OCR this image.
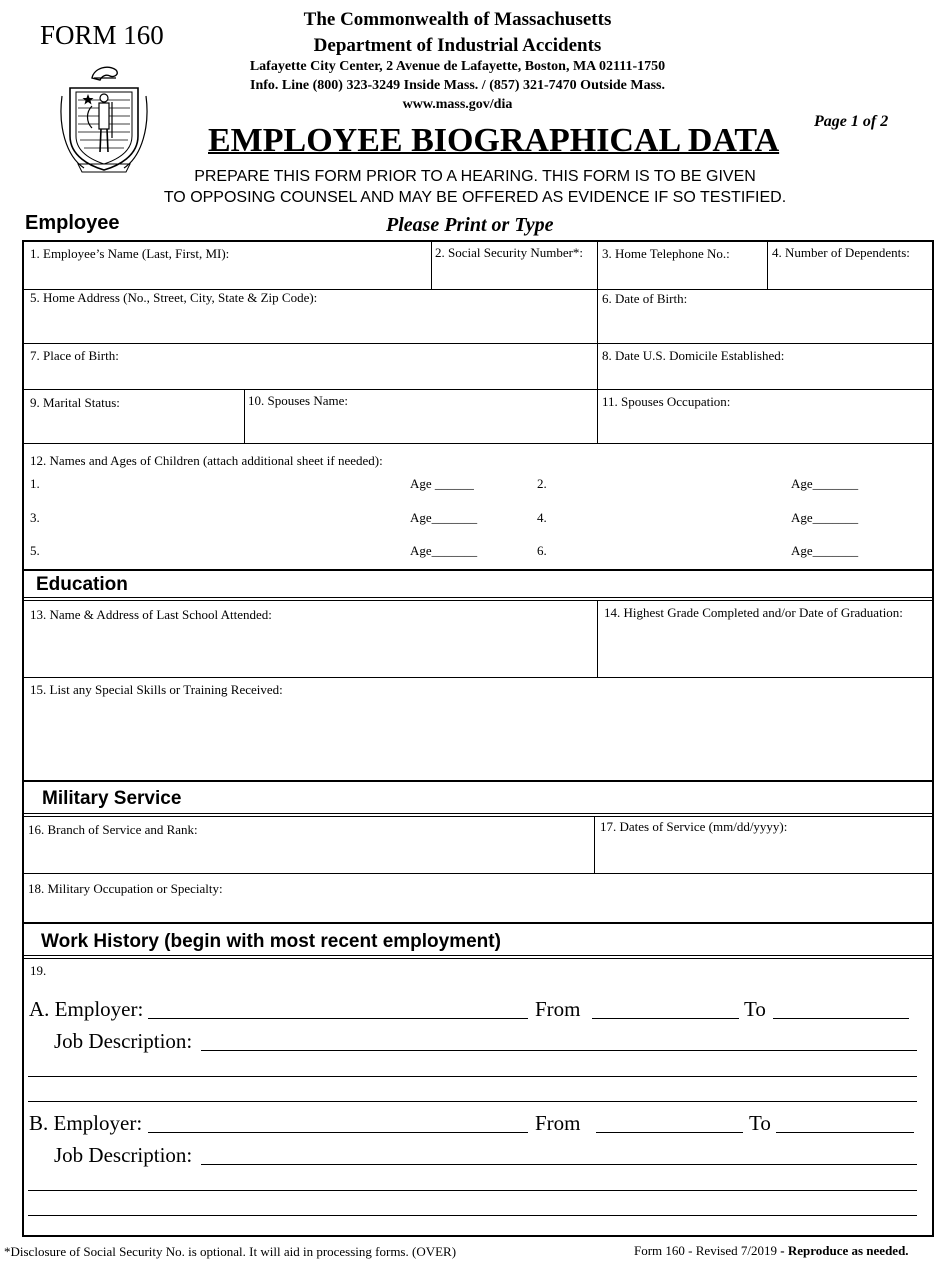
FORM 160
The Commonwealth of Massachusetts
Department of Industrial Accidents
Lafayette City Center, 2 Avenue de Lafayette, Boston, MA 02111-1750
Info. Line (800) 323-3249 Inside Mass. / (857) 321-7470 Outside Mass.
www.mass.gov/dia
Page 1 of 2
EMPLOYEE BIOGRAPHICAL DATA
PREPARE THIS FORM PRIOR TO A HEARING. THIS FORM IS TO BE GIVEN
TO OPPOSING COUNSEL AND MAY BE OFFERED AS EVIDENCE IF SO TESTIFIED.
Employee	Please Print or Type
1. Employee’s Name (Last, First, MI):	2. Social Security Number*: 3. Home Telephone No.:	4. Number of Dependents:
5. Home Address (No., Street, City, State & Zip Code):	6. Date of Birth:
7. Place of Birth:	8. Date U.S. Domicile Established:
9. Marital Status:	10. Spouses Name:	11. Spouses Occupation:
12. Names and Ages of Children (attach additional sheet if needed):
1.	Age ______	2.	Age_______
3.	Age_______	4.	Age_______
5.	Age_______	6.	Age_______
Education
13. Name & Address of Last School Attended:	14. Highest Grade Completed and/or Date of Graduation:
15. List any Special Skills or Training Received:
Military Service
16. Branch of Service and Rank:	17. Dates of Service (mm/dd/yyyy):
18. Military Occupation or Specialty:
Work History (begin with most recent employment)
19.
A. Employer:	From	To
Job Description:
B. Employer:	From	To
Job Description:
*Disclosure of Social Security No. is optional. It will aid in processing forms. (OVER)	Form 160 - Revised 7/2019 - Reproduce as needed.
